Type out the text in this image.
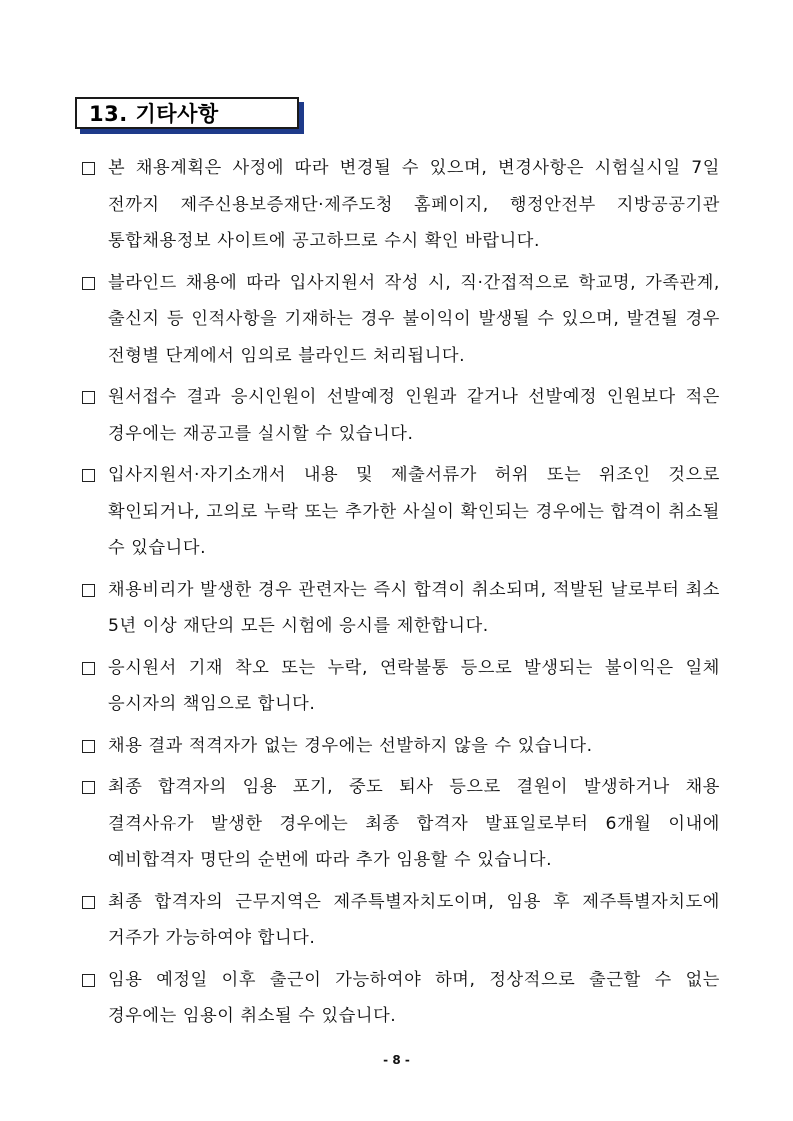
13. 기타사항
본 채용계획은 사정에 따라 변경될 수 있으며, 변경사항은 시험실시일 7일 전까지 제주신용보증재단·제주도청 홈페이지, 행정안전부 지방공공기관 통합채용정보 사이트에 공고하므로 수시 확인 바랍니다.
블라인드 채용에 따라 입사지원서 작성 시, 직·간접적으로 학교명, 가족관계, 출신지 등 인적사항을 기재하는 경우 불이익이 발생될 수 있으며, 발견될 경우 전형별 단계에서 임의로 블라인드 처리됩니다.
원서접수 결과 응시인원이 선발예정 인원과 같거나 선발예정 인원보다 적은 경우에는 재공고를 실시할 수 있습니다.
입사지원서·자기소개서 내용 및 제출서류가 허위 또는 위조인 것으로 확인되거나, 고의로 누락 또는 추가한 사실이 확인되는 경우에는 합격이 취소될 수 있습니다.
채용비리가 발생한 경우 관련자는 즉시 합격이 취소되며, 적발된 날로부터 최소 5년 이상 재단의 모든 시험에 응시를 제한합니다.
응시원서 기재 착오 또는 누락, 연락불통 등으로 발생되는 불이익은 일체 응시자의 책임으로 합니다.
채용 결과 적격자가 없는 경우에는 선발하지 않을 수 있습니다.
최종 합격자의 임용 포기, 중도 퇴사 등으로 결원이 발생하거나 채용 결격사유가 발생한 경우에는 최종 합격자 발표일로부터 6개월 이내에 예비합격자 명단의 순번에 따라 추가 임용할 수 있습니다.
최종 합격자의 근무지역은 제주특별자치도이며, 임용 후 제주특별자치도에 거주가 가능하여야 합니다.
임용 예정일 이후 출근이 가능하여야 하며, 정상적으로 출근할 수 없는 경우에는 임용이 취소될 수 있습니다.
- 8 -
